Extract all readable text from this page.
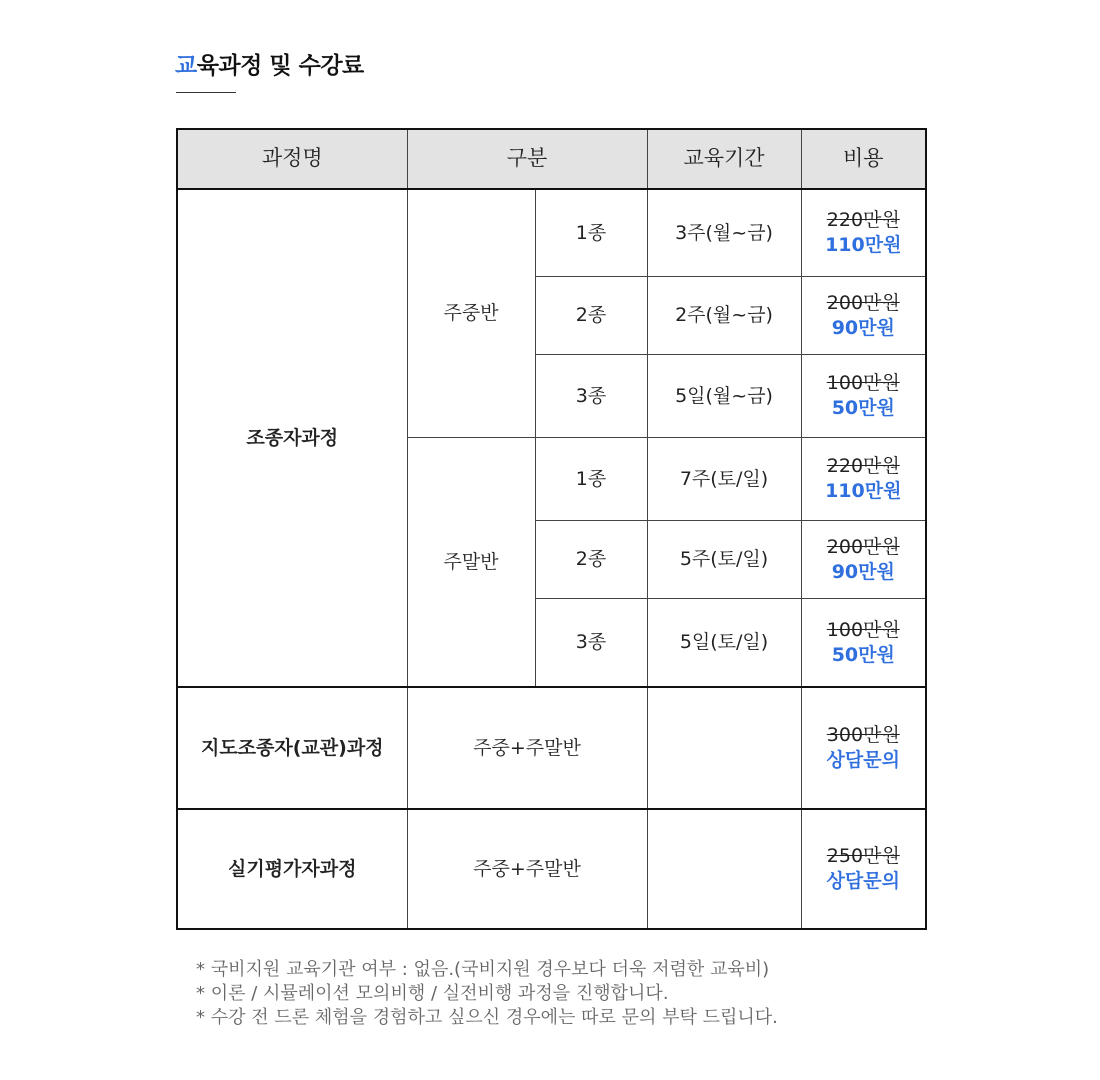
교육과정 및 수강료
과정명	구분		교육기간	비용
조종자과정	주중반	1종	3주(월~금)	220만원
110만원

		2종	2주(월~금)	200만원
90만원

		3종	5일(월~금)	100만원
50만원

	주말반	1종	7주(토/일)	220만원
110만원

		2종	5주(토/일)	200만원
90만원

		3종	5일(토/일)	100만원
50만원

지도조종자(교관)과정	주중+주말반			300만원
상담문의

실기평가자과정	주중+주말반			250만원
상담문의
* 국비지원 교육기관 여부 : 없음.(국비지원 경우보다 더욱 저렴한 교육비)
* 이론 / 시뮬레이션 모의비행 / 실전비행 과정을 진행합니다.
* 수강 전 드론 체험을 경험하고 싶으신 경우에는 따로 문의 부탁 드립니다.
